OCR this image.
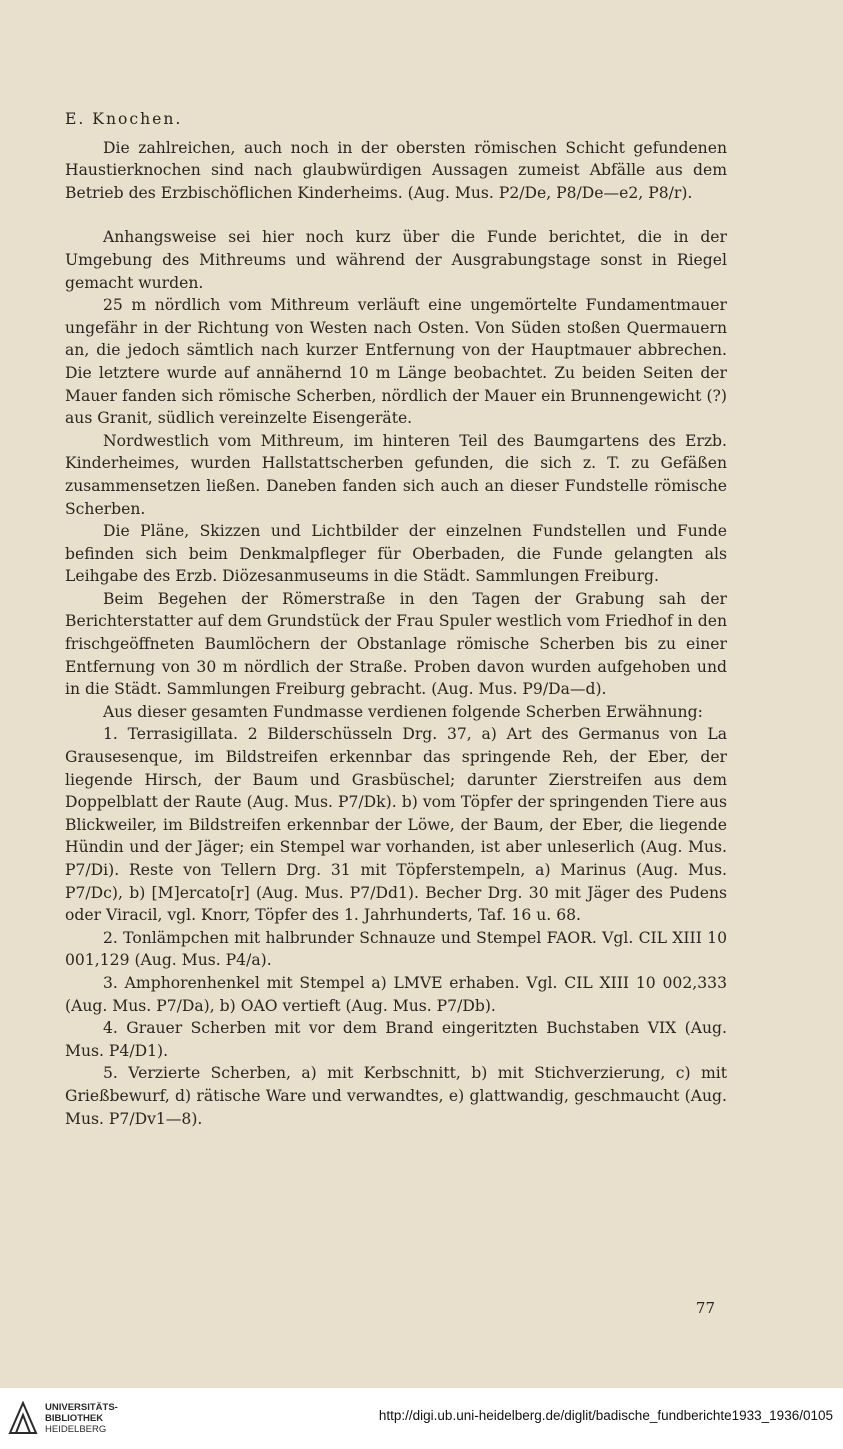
E. Knochen.

Die zahlreichen, auch noch in der obersten römischen Schicht gefundenen Haustierknochen sind nach glaubwürdigen Aussagen zumeist Abfälle aus dem Betrieb des Erzbischöflichen Kinderheims. (Aug. Mus. P2/De, P8/De—e2, P8/r).

Anhangsweise sei hier noch kurz über die Funde berichtet, die in der Umgebung des Mithreums und während der Ausgrabungstage sonst in Riegel gemacht wurden.

25 m nördlich vom Mithreum verläuft eine ungemörtelte Fundamentmauer ungefähr in der Richtung von Westen nach Osten. Von Süden stoßen Quermauern an, die jedoch sämtlich nach kurzer Entfernung von der Hauptmauer abbrechen. Die letztere wurde auf annähernd 10 m Länge beobachtet. Zu beiden Seiten der Mauer fanden sich römische Scherben, nördlich der Mauer ein Brunnengewicht (?) aus Granit, südlich vereinzelte Eisengeräte.

Nordwestlich vom Mithreum, im hinteren Teil des Baumgartens des Erzb. Kinderheimes, wurden Hallstattscherben gefunden, die sich z. T. zu Gefäßen zusammensetzen ließen. Daneben fanden sich auch an dieser Fundstelle römische Scherben.

Die Pläne, Skizzen und Lichtbilder der einzelnen Fundstellen und Funde befinden sich beim Denkmalpfleger für Oberbaden, die Funde gelangten als Leihgabe des Erzb. Diözesanmuseums in die Städt. Sammlungen Freiburg.

Beim Begehen der Römerstraße in den Tagen der Grabung sah der Berichterstatter auf dem Grundstück der Frau Spuler westlich vom Friedhof in den frischgeöffneten Baumlöchern der Obstanlage römische Scherben bis zu einer Entfernung von 30 m nördlich der Straße. Proben davon wurden aufgehoben und in die Städt. Sammlungen Freiburg gebracht. (Aug. Mus. P9/Da—d).

Aus dieser gesamten Fundmasse verdienen folgende Scherben Erwähnung:

1. Terrasigillata. 2 Bilderschüsseln Drg. 37, a) Art des Germanus von La Grausesenque, im Bildstreifen erkennbar das springende Reh, der Eber, der liegende Hirsch, der Baum und Grasbüschel; darunter Zierstreifen aus dem Doppelblatt der Raute (Aug. Mus. P7/Dk). b) vom Töpfer der springenden Tiere aus Blickweiler, im Bildstreifen erkennbar der Löwe, der Baum, der Eber, die liegende Hündin und der Jäger; ein Stempel war vorhanden, ist aber unleserlich (Aug. Mus. P7/Di). Reste von Tellern Drg. 31 mit Töpferstempeln, a) Marinus (Aug. Mus. P7/Dc), b) [M]ercato[r] (Aug. Mus. P7/Dd1). Becher Drg. 30 mit Jäger des Pudens oder Viracil, vgl. Knorr, Töpfer des 1. Jahrhunderts, Taf. 16 u. 68.

2. Tonlämpchen mit halbrunder Schnauze und Stempel FAOR. Vgl. CIL XIII 10 001,129 (Aug. Mus. P4/a).

3. Amphorenhenkel mit Stempel a) LMVE erhaben. Vgl. CIL XIII 10 002,333 (Aug. Mus. P7/Da), b) OAO vertieft (Aug. Mus. P7/Db).

4. Grauer Scherben mit vor dem Brand eingeritzten Buchstaben VIX (Aug. Mus. P4/D1).

5. Verzierte Scherben, a) mit Kerbschnitt, b) mit Stichverzierung, c) mit Grießbewurf, d) rätische Ware und verwandtes, e) glattwandig, geschmaucht (Aug. Mus. P7/Dv1—8).

77
UNIVERSITÄTS-
BIBLIOTHEK
HEIDELBERG
http://digi.ub.uni-heidelberg.de/diglit/badische_fundberichte1933_1936/0105
